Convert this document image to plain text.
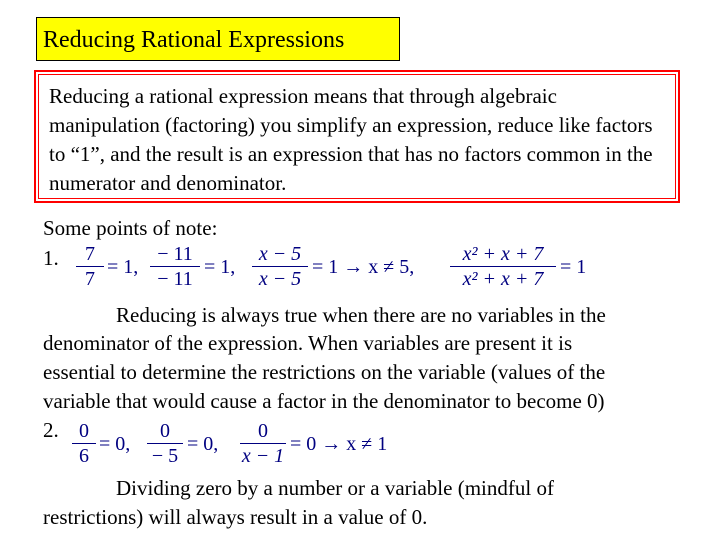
Reducing Rational Expressions
Reducing a rational expression means that through algebraic manipulation (factoring) you simplify an expression, reduce like factors to “1”, and the result is an expression that has no factors common in the numerator and denominator.
Some points of note:
1.	7
7
= 1,
− 11
− 11
= 1,
x − 5
x − 5
= 1 → x ≠ 5,
x² + x + 7
x² + x + 7
= 1
Reducing is always true when there are no variables in the
denominator of the expression. When variables are present it is
essential to determine the restrictions on the variable (values of the
variable that would cause a factor in the denominator to become 0)
2.	0
6
= 0,
0
− 5
= 0,
0
x − 1
= 0 → x ≠ 1
Dividing zero by a number or a variable (mindful of
restrictions) will always result in a value of 0.
